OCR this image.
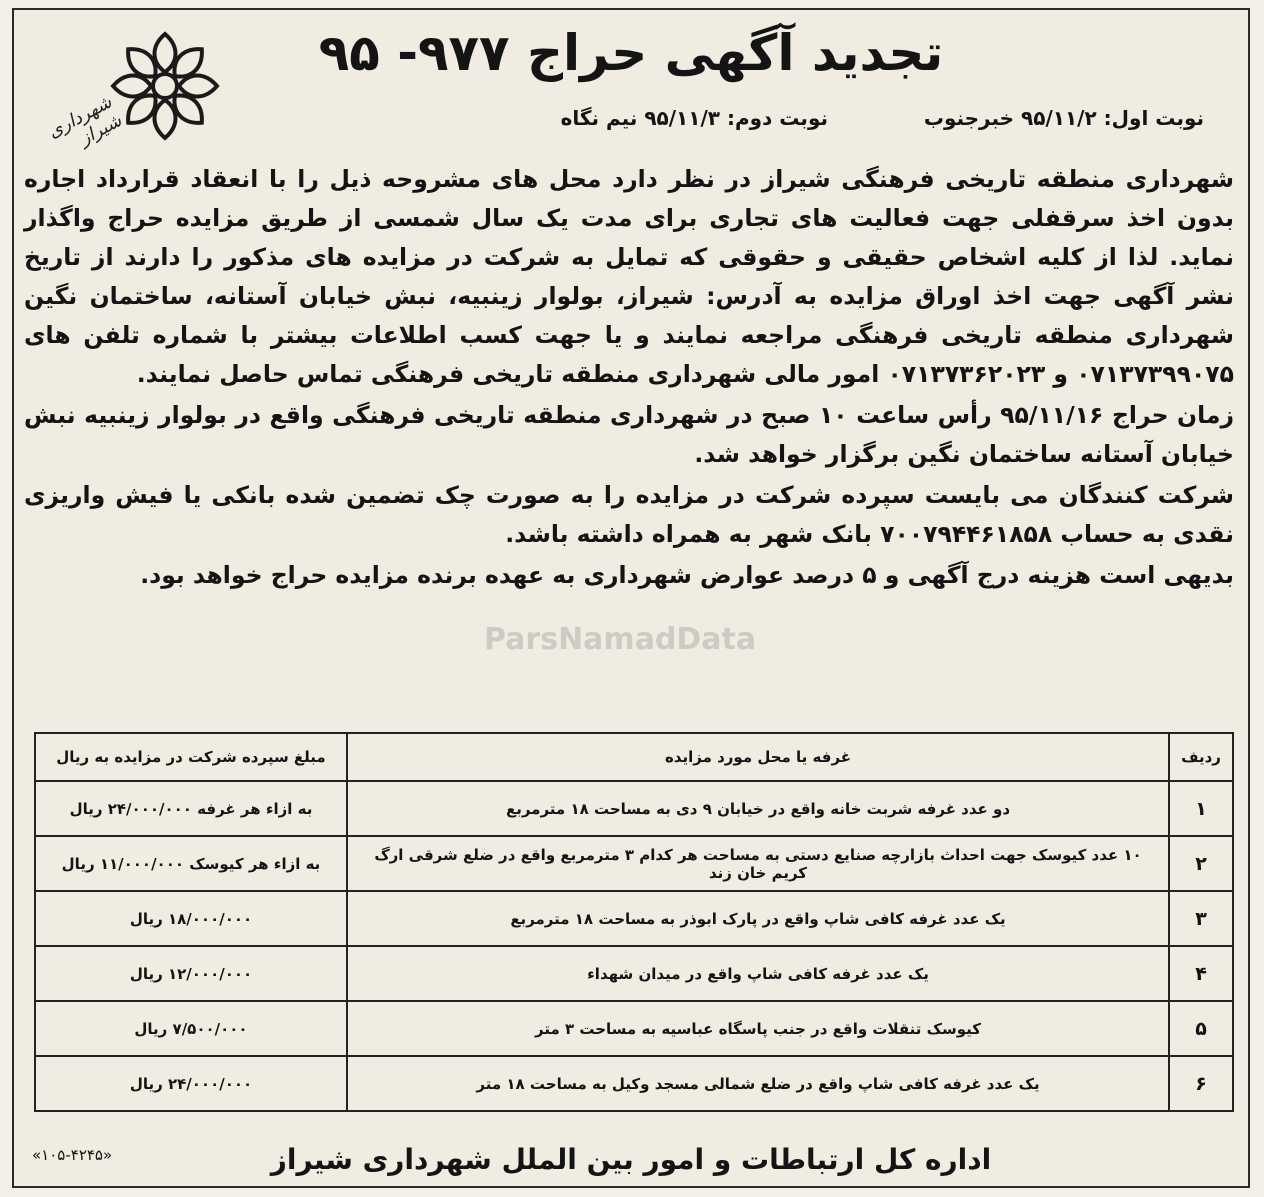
شهرداری شیراز
تجدید آگهی حراج ۹۷۷- ۹۵
نوبت اول: ۹۵/۱۱/۲ خبرجنوب
نوبت دوم: ۹۵/۱۱/۳ نیم نگاه
ParsNamadData

شهرداری منطقه تاریخی فرهنگی شیراز در نظر دارد محل های مشروحه ذیل را با انعقاد قرارداد اجاره بدون اخذ سرقفلی جهت فعالیت های تجاری برای مدت یک سال شمسی از طریق مزایده حراج واگذار نماید. لذا از کلیه اشخاص حقیقی و حقوقی که تمایل به شرکت در مزایده های مذکور را دارند از تاریخ نشر آگهی جهت اخذ اوراق مزایده به آدرس: شیراز، بولوار زینبیه، نبش خیابان آستانه، ساختمان نگین شهرداری منطقه تاریخی فرهنگی مراجعه نمایند و یا جهت کسب اطلاعات بیشتر با شماره تلفن های ۰۷۱۳۷۳۹۹۰۷۵ و ۰۷۱۳۷۳۶۲۰۲۳ امور مالی شهرداری منطقه تاریخی فرهنگی تماس حاصل نمایند.

زمان حراج ۹۵/۱۱/۱۶ رأس ساعت ۱۰ صبح در شهرداری منطقه تاریخی فرهنگی واقع در بولوار زینبیه نبش خیابان آستانه ساختمان نگین برگزار خواهد شد.

شرکت کنندگان می بایست سپرده شرکت در مزایده را به صورت چک تضمین شده بانکی یا فیش واریزی نقدی به حساب ۷۰۰۷۹۴۴۶۱۸۵۸ بانک شهر به همراه داشته باشد.

بدیهی است هزینه درج آگهی و ۵ درصد عوارض شهرداری به عهده برنده مزایده حراج خواهد بود.

ردیف	غرفه یا محل مورد مزایده	مبلغ سپرده شرکت در مزایده به ریال
۱	دو عدد غرفه شربت خانه واقع در خیابان ۹ دی به مساحت ۱۸ مترمربع	به ازاء هر غرفه ۲۴/۰۰۰/۰۰۰ ریال
۲	۱۰ عدد کیوسک جهت احداث بازارچه صنایع دستی به مساحت هر کدام ۳ مترمربع واقع در ضلع شرقی ارگ کریم خان زند	به ازاء هر کیوسک ۱۱/۰۰۰/۰۰۰ ریال
۳	یک عدد غرفه کافی شاپ واقع در پارک ابوذر به مساحت ۱۸ مترمربع	۱۸/۰۰۰/۰۰۰ ریال
۴	یک عدد غرفه کافی شاپ واقع در میدان شهداء	۱۲/۰۰۰/۰۰۰ ریال
۵	کیوسک تنقلات واقع در جنب پاسگاه عباسیه به مساحت ۳ متر	۷/۵۰۰/۰۰۰ ریال
۶	یک عدد غرفه کافی شاپ واقع در ضلع شمالی مسجد وکیل به مساحت ۱۸ متر	۲۴/۰۰۰/۰۰۰ ریال
اداره کل ارتباطات و امور بین الملل شهرداری شیراز
«۱۰۵-۴۲۴۵»
